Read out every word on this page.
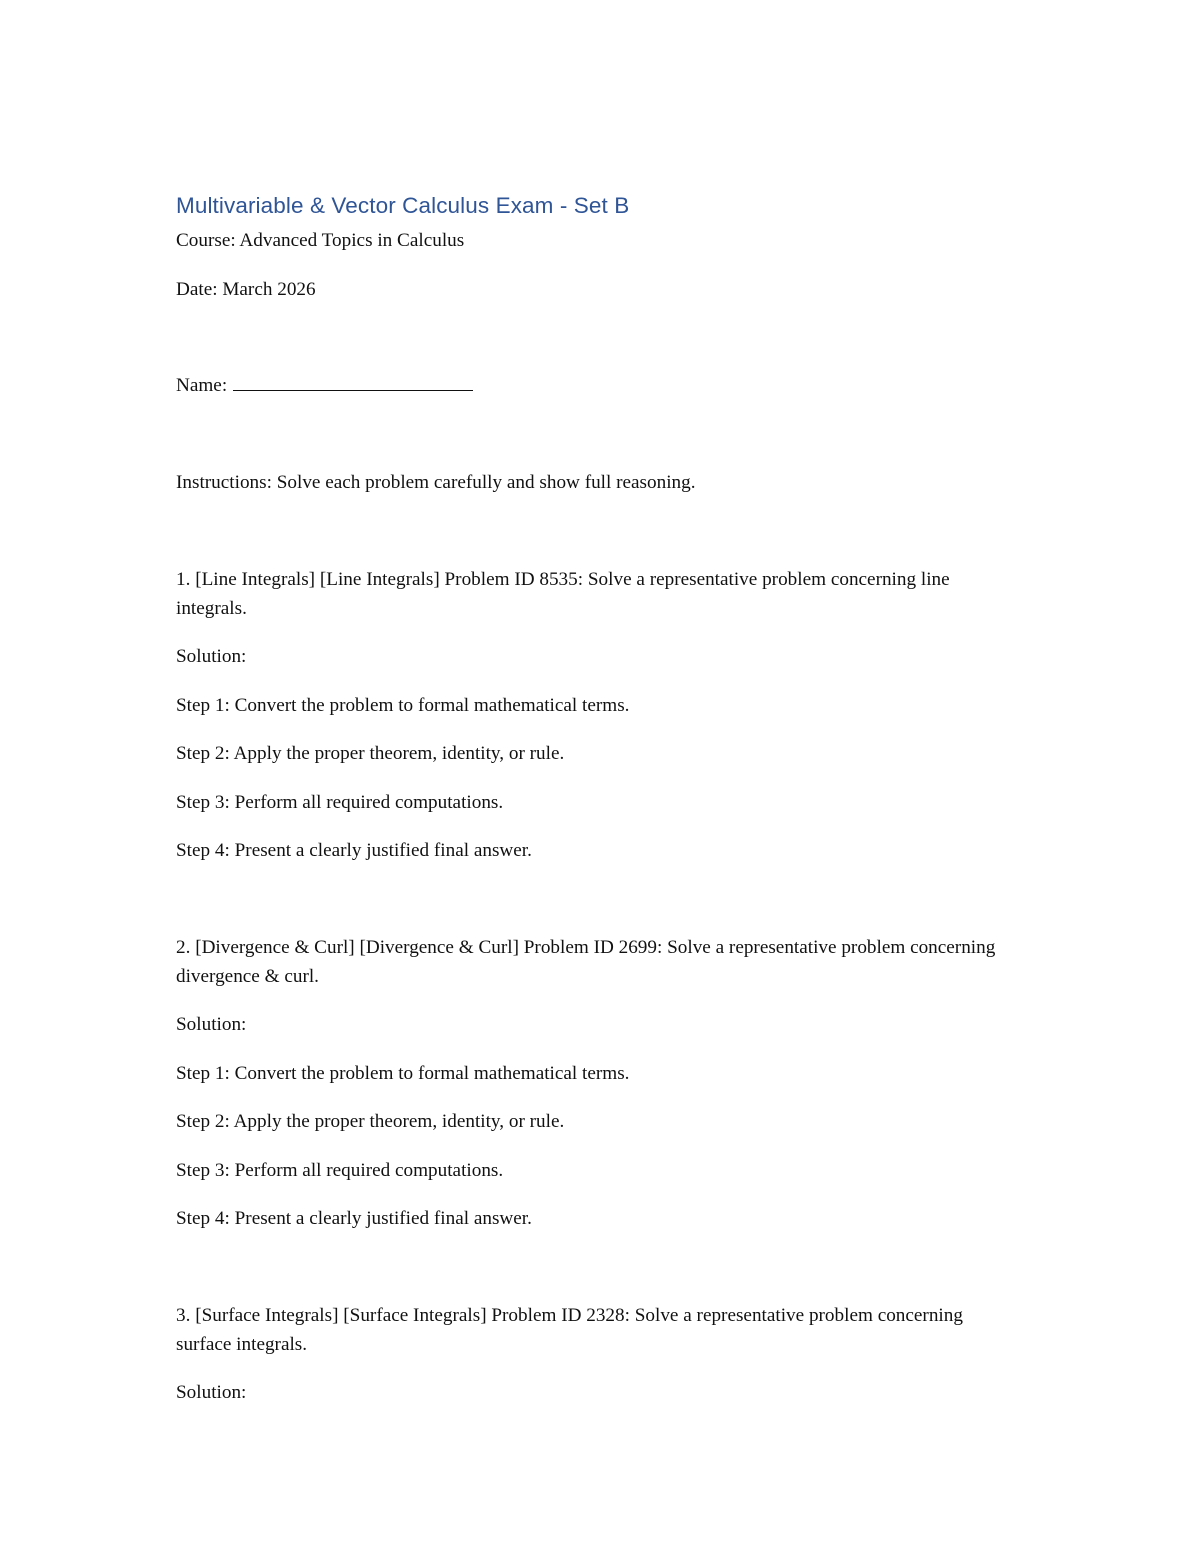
Multivariable & Vector Calculus Exam - Set B

Course: Advanced Topics in Calculus

Date: March 2026

Name:

Instructions: Solve each problem carefully and show full reasoning.

1. [Line Integrals] [Line Integrals] Problem ID 8535: Solve a representative problem concerning line integrals.

Solution:

Step 1: Convert the problem to formal mathematical terms.

Step 2: Apply the proper theorem, identity, or rule.

Step 3: Perform all required computations.

Step 4: Present a clearly justified final answer.

2. [Divergence & Curl] [Divergence & Curl] Problem ID 2699: Solve a representative problem concerning divergence & curl.

Solution:

Step 1: Convert the problem to formal mathematical terms.

Step 2: Apply the proper theorem, identity, or rule.

Step 3: Perform all required computations.

Step 4: Present a clearly justified final answer.

3. [Surface Integrals] [Surface Integrals] Problem ID 2328: Solve a representative problem concerning surface integrals.

Solution:
